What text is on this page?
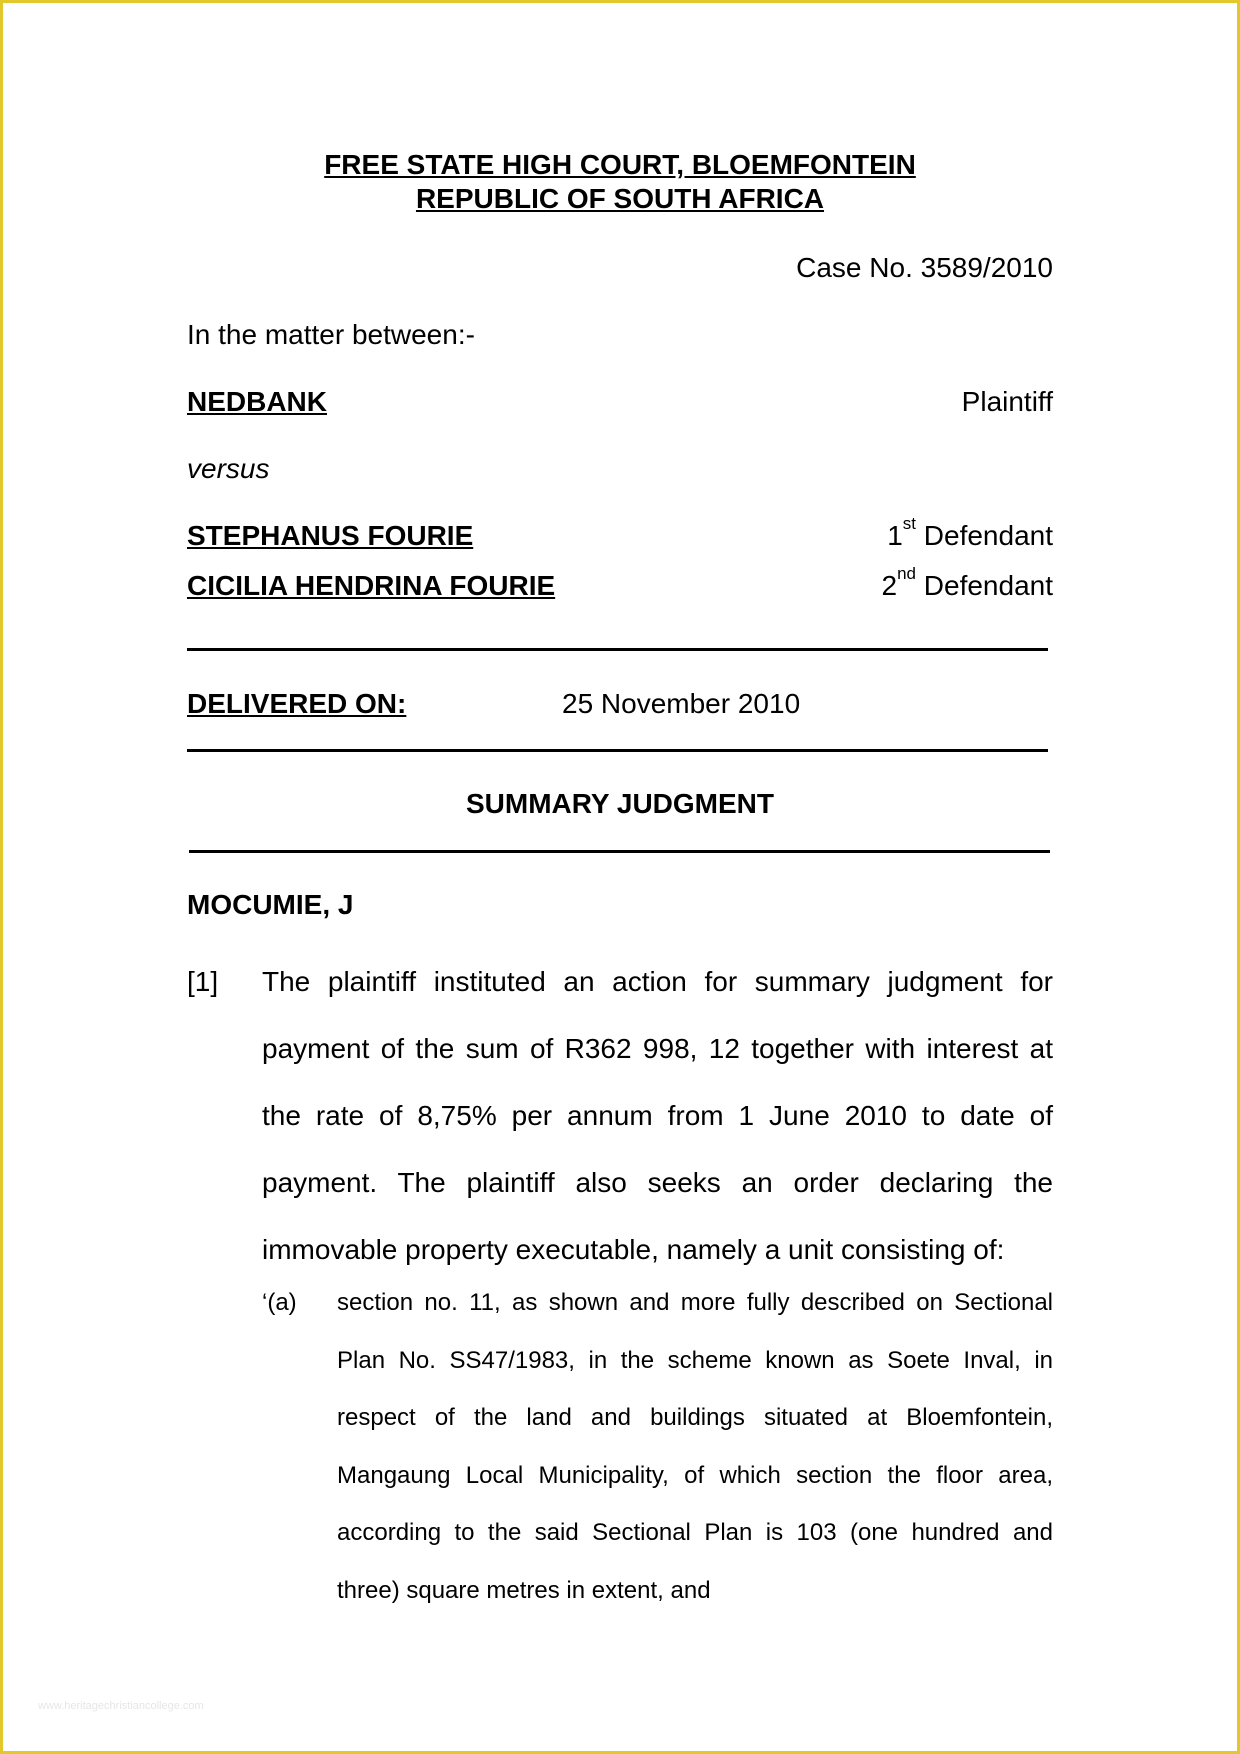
FREE STATE HIGH COURT, BLOEMFONTEIN
REPUBLIC OF SOUTH AFRICA
Case No. 3589/2010
In the matter between:-
NEDBANK	Plaintiff
versus
STEPHANUS FOURIE	1st Defendant
CICILIA HENDRINA FOURIE	2nd Defendant
DELIVERED ON:	25 November 2010
SUMMARY JUDGMENT
MOCUMIE, J
[1] The plaintiff instituted an action for summary judgment for payment of the sum of R362 998, 12 together with interest at the rate of 8,75% per annum from 1 June 2010 to date of payment. The plaintiff also seeks an order declaring the immovable property executable, namely a unit consisting of:
‘(a) section no. 11, as shown and more fully described on Sectional Plan No. SS47/1983, in the scheme known as Soete Inval, in respect of the land and buildings situated at Bloemfontein, Mangaung Local Municipality, of which section the floor area, according to the said Sectional Plan is 103 (one hundred and three) square metres in extent, and
www.heritagechristiancollege.com
